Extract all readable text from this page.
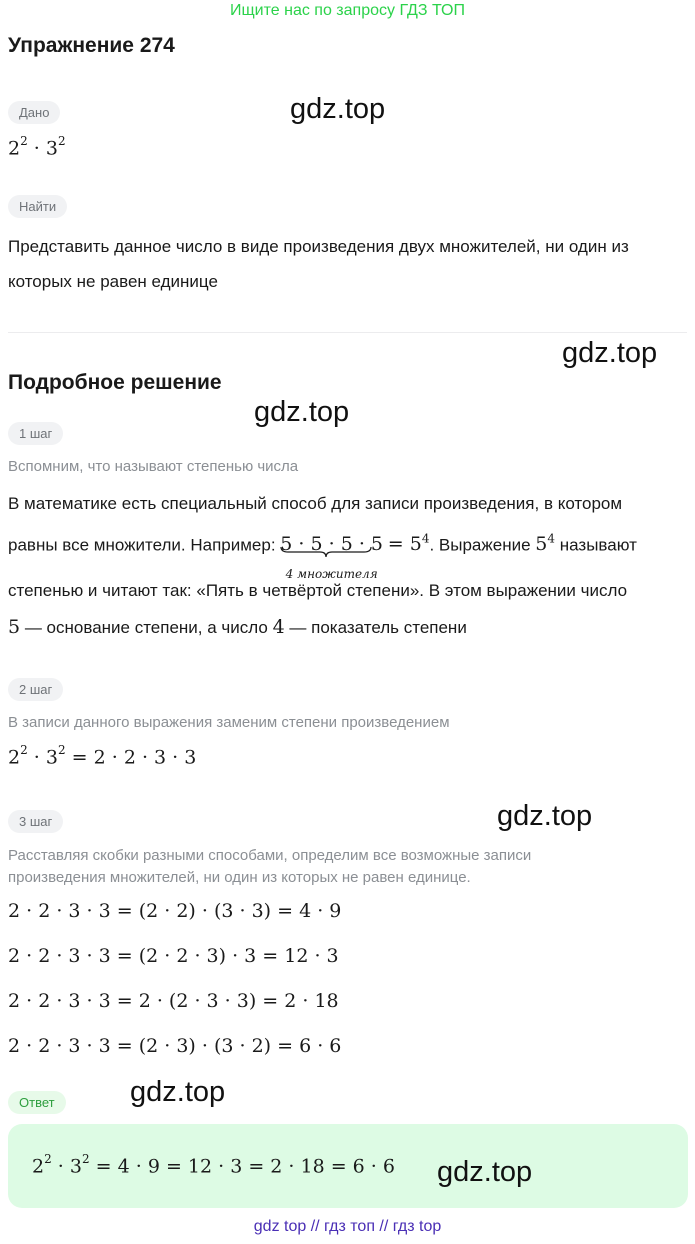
Ищите нас по запросу ГДЗ ТОП
Упражнение 274
gdz.top
gdz.top
gdz.top
gdz.top
gdz.top
Дано
$2^2 \cdot 3^2$
Найти
Представить данное число в виде произведения двух множителей, ни один из
которых не равен единице
Подробное решение
1 шаг
Вспомним, что называют степенью числа
В математике есть специальный способ для записи произведения, в котором
равны все множители. Например: 5 · 5 · 5 · 5
4 множителя
= $5^4$. Выражение $5^4$ называют
степенью и читают так: «Пять в четвёртой степени». В этом выражении число
5 — основание степени, а число 4 — показатель степени
2 шаг
В записи данного выражения заменим степени произведением
$2^2 \cdot 3^2 = 2 \cdot 2 \cdot 3 \cdot 3$
3 шаг
Расставляя скобки разными способами, определим все возможные записи
произведения множителей, ни один из которых не равен единице.
2 · 2 · 3 · 3 = (2 · 2) · (3 · 3) = 4 · 9
2 · 2 · 3 · 3 = (2 · 2 · 3) · 3 = 12 · 3
2 · 2 · 3 · 3 = 2 · (2 · 3 · 3) = 2 · 18
2 · 2 · 3 · 3 = (2 · 3) · (3 · 2) = 6 · 6
Ответ
$2^2 \cdot 3^2 = 4 \cdot 9 = 12 \cdot 3 = 2 \cdot 18 = 6 \cdot 6$ gdz.top
gdz top // гдз топ // гдз top
